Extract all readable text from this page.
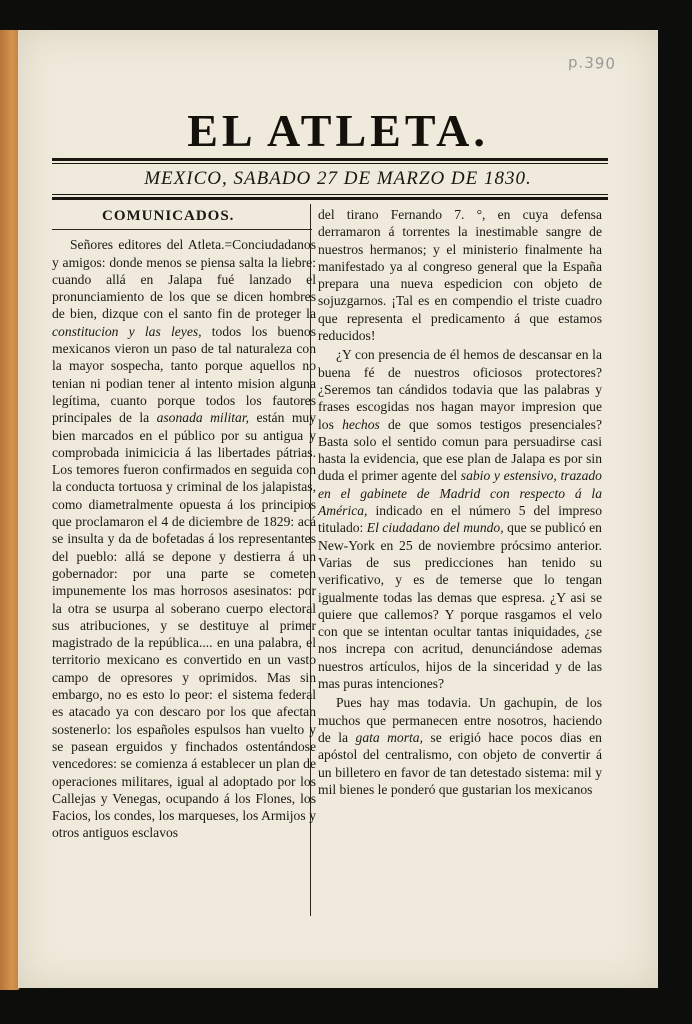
p.390
EL ATLETA.
MEXICO, SABADO 27 DE MARZO DE 1830.
COMUNICADOS.

Señores editores del Atleta.=Conciudadanos y amigos: donde menos se piensa salta la liebre: cuando allá en Jalapa fué lanzado el pronunciamiento de los que se dicen hombres de bien, dizque con el santo fin de proteger la constitucion y las leyes, todos los buenos mexicanos vieron un paso de tal naturaleza con la mayor sospecha, tanto porque aquellos no tenian ni podian tener al intento mision alguna legítima, cuanto porque todos los fautores principales de la asonada militar, están muy bien marcados en el público por su antigua y comprobada inimicicia á las libertades pátrias. Los temores fueron confirmados en seguida con la conducta tortuosa y criminal de los jalapistas, como diametralmente opuesta á los principios que proclamaron el 4 de diciembre de 1829: acá se insulta y da de bofetadas á los representantes del pueblo: allá se depone y destierra á un gobernador: por una parte se cometen impunemente los mas horrosos asesinatos: por la otra se usurpa al soberano cuerpo electoral sus atribuciones, y se destituye al primer magistrado de la república.... en una palabra, el territorio mexicano es convertido en un vasto campo de opresores y oprimidos. Mas sin embargo, no es esto lo peor: el sistema federal es atacado ya con descaro por los que afectan sostenerlo: los españoles espulsos han vuelto y se pasean erguidos y finchados ostentándose vencedores: se comienza á establecer un plan de operaciones militares, igual al adoptado por los Callejas y Venegas, ocupando á los Flones, los Facios, los condes, los marqueses, los Armijos y otros antiguos esclavos

del tirano Fernando 7. °, en cuya defensa derramaron á torrentes la inestimable sangre de nuestros hermanos; y el ministerio finalmente ha manifestado ya al congreso general que la España prepara una nueva espedicion con objeto de sojuzgarnos. ¡Tal es en compendio el triste cuadro que representa el predicamento á que estamos reducidos!

¿Y con presencia de él hemos de descansar en la buena fé de nuestros oficiosos protectores? ¿Seremos tan cándidos todavia que las palabras y frases escogidas nos hagan mayor impresion que los hechos de que somos testigos presenciales? Basta solo el sentido comun para persuadirse casi hasta la evidencia, que ese plan de Jalapa es por sin duda el primer agente del sabio y estensivo, trazado en el gabinete de Madrid con respecto á la América, indicado en el número 5 del impreso titulado: El ciudadano del mundo, que se publicó en New-York en 25 de noviembre prócsimo anterior. Varias de sus predicciones han tenido su verificativo, y es de temerse que lo tengan igualmente todas las demas que espresa. ¿Y asi se quiere que callemos? Y porque rasgamos el velo con que se intentan ocultar tantas iniquidades, ¿se nos increpa con acritud, denunciándose ademas nuestros artículos, hijos de la sinceridad y de las mas puras intenciones?

Pues hay mas todavia. Un gachupin, de los muchos que permanecen entre nosotros, haciendo de la gata morta, se erigió hace pocos dias en apóstol del centralismo, con objeto de convertir á un billetero en favor de tan detestado sistema: mil y mil bienes le ponderó que gustarian los mexicanos
